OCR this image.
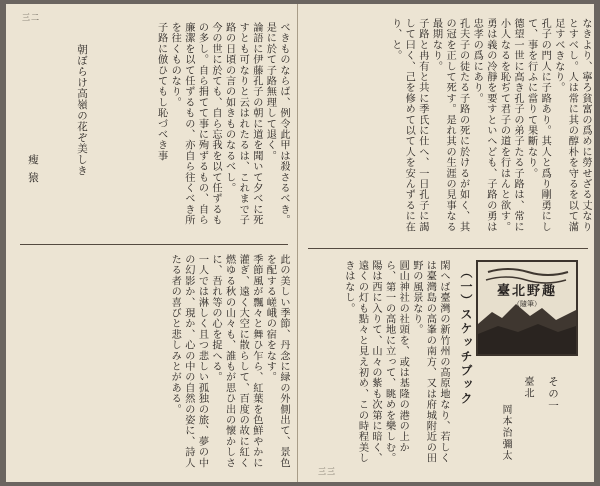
三二
べきものならば、例令此甲は殺さるべき。是に於て子路無理して退く。
論語に伊藤孔子の朝に道を聞いて夕べに死すとも可なりと云はれたるは、これまで子路の日頃の言の如きものなるべし。
今の世に於ても、自ら忘我を以て任ずるもの多し。自ら捐てて事に殉ずるもの、自ら廉潔を以て任ずるもの、亦自ら往くべき所を往くものなり。
子路に倣ひてもし恥づべき事
瘦 猿

	朝ぼらけ高嶺の花ぞ美しき

此の美しい季節、丹念に緑の外側出て、景色を配する嵯峨の宿をなす。
季節風が飄々と舞ひ乍ら、紅葉を色鮮やかに灌ぎ、遠く大空に散らして、百度の故に紅く燃ゆる秋の山々も、誰もが思ひ出の懐かしさに、吾れ等の心を捉へる。
一人では淋しく且つ悲しい孤独の旅、夢の中の幻影か、現か、心の中の自然の姿に、詩人たる者の喜びと悲しみとがある。
三三
なきより、寧ろ貧富の爲めに勞せざる丈なりとすべし。人は常に其の醇朴を守るを以て滿足すべきなり。
孔子の門人に子路あり。其人と爲り剛勇にして、事を行ふに當りて果斷なり。
德望一世に高き孔子の弟子たる子路は、常に小人なるを恥ぢて君子の道を行はんと欲す。勇は義の冷靜を要すといへども、子路の勇は忠孝の爲にあり。
孔夫子の徒たる子路の死に於けるが如く、其の冠を正して死す。是れ其の生涯の見事なる最期なり。
子路と冉有と共に季氏に仕へ、一日孔子に謁して曰く、己を修めて以て人を安んずるに在り、と。
臺北野趣
（隨筆）
その一
臺北
岡本治彌太
（一）スケッチブック
閑へば臺灣の新竹州の高原地なり、若しくは臺灣島の高峯の南方、又は府城附近の田野の風景なり。
圓山神社の社頭を、或は基隆の港の上から、第一の高地に立って、眺めを樂しむ。
陽は西に入りて、山々の紫も次第に暗く、遠くの灯も點々と見え初め、この時程美しきはなし。
